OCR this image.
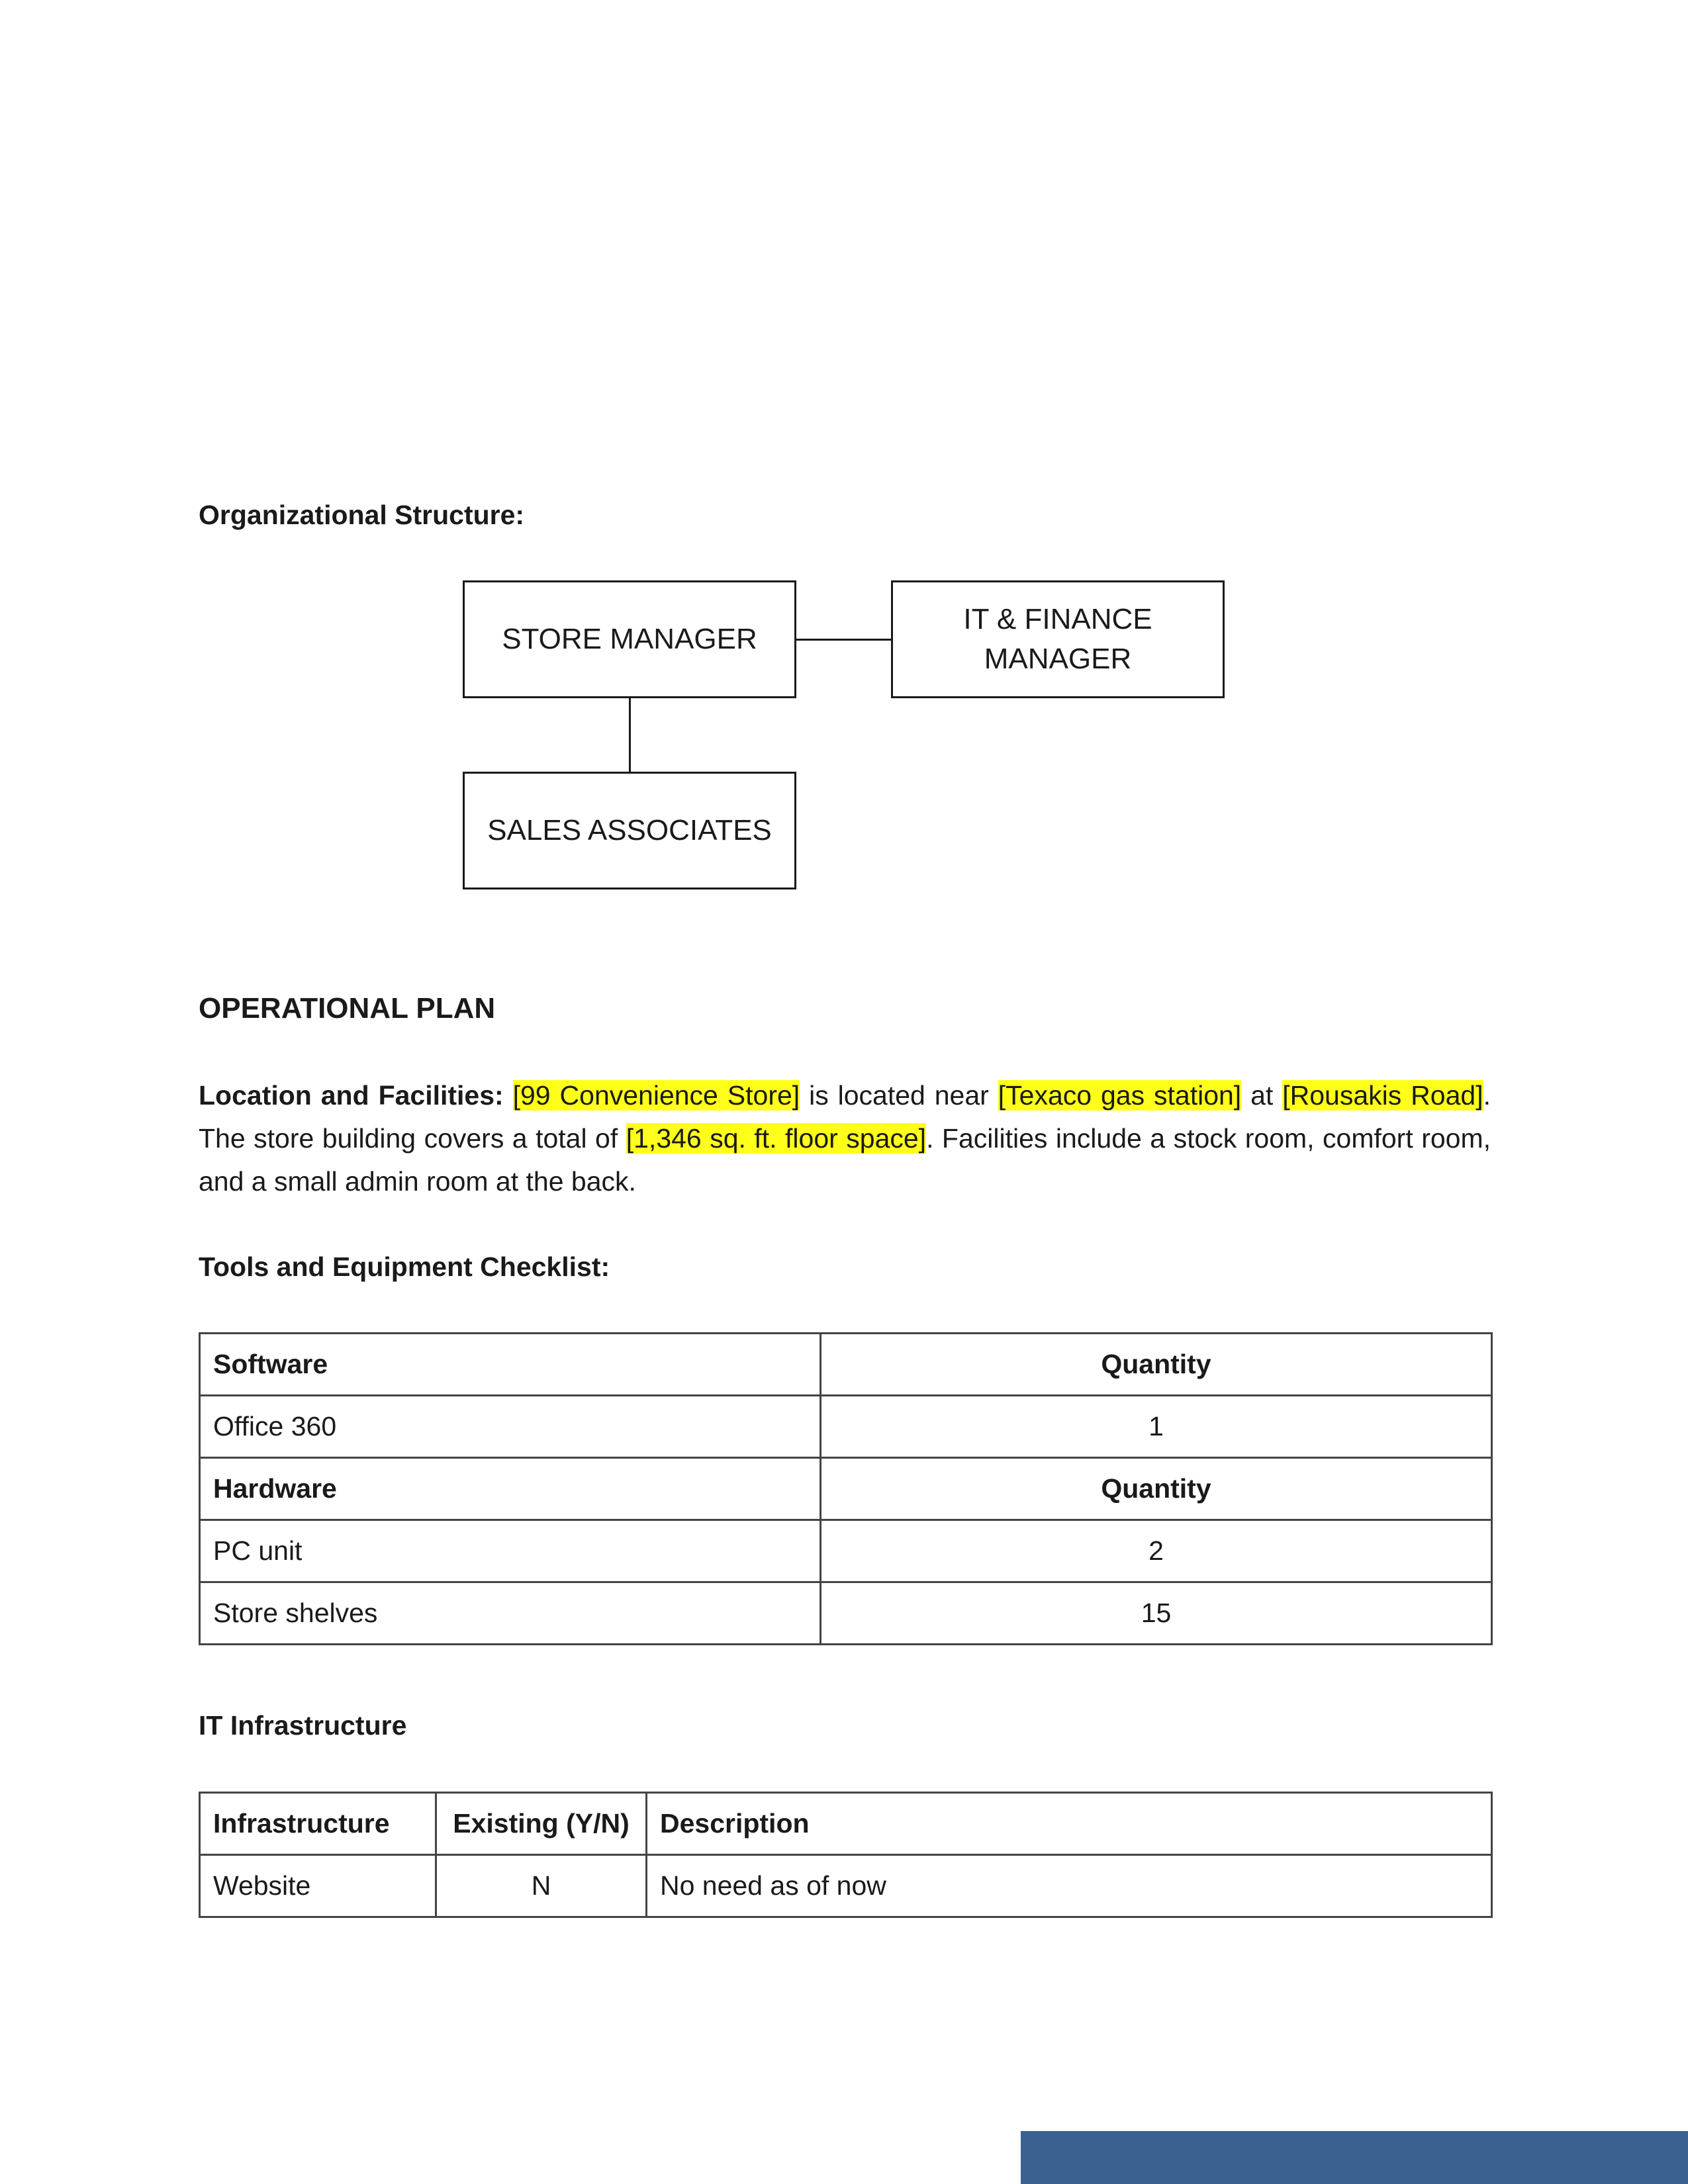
Organizational Structure:
STORE MANAGER
IT & FINANCE
MANAGER
SALES ASSOCIATES
OPERATIONAL PLAN
Location and Facilities: [99 Convenience Store] is located near [Texaco gas station] at [Rousakis Road]. The store building covers a total of [1,346 sq. ft. floor space]. Facilities include a stock room, comfort room, and a small admin room at the back.
Tools and Equipment Checklist:
Software	Quantity
Office 360	1
Hardware	Quantity
PC unit	2
Store shelves	15
IT Infrastructure
Infrastructure	Existing (Y/N)	Description
Website	N	No need as of now
